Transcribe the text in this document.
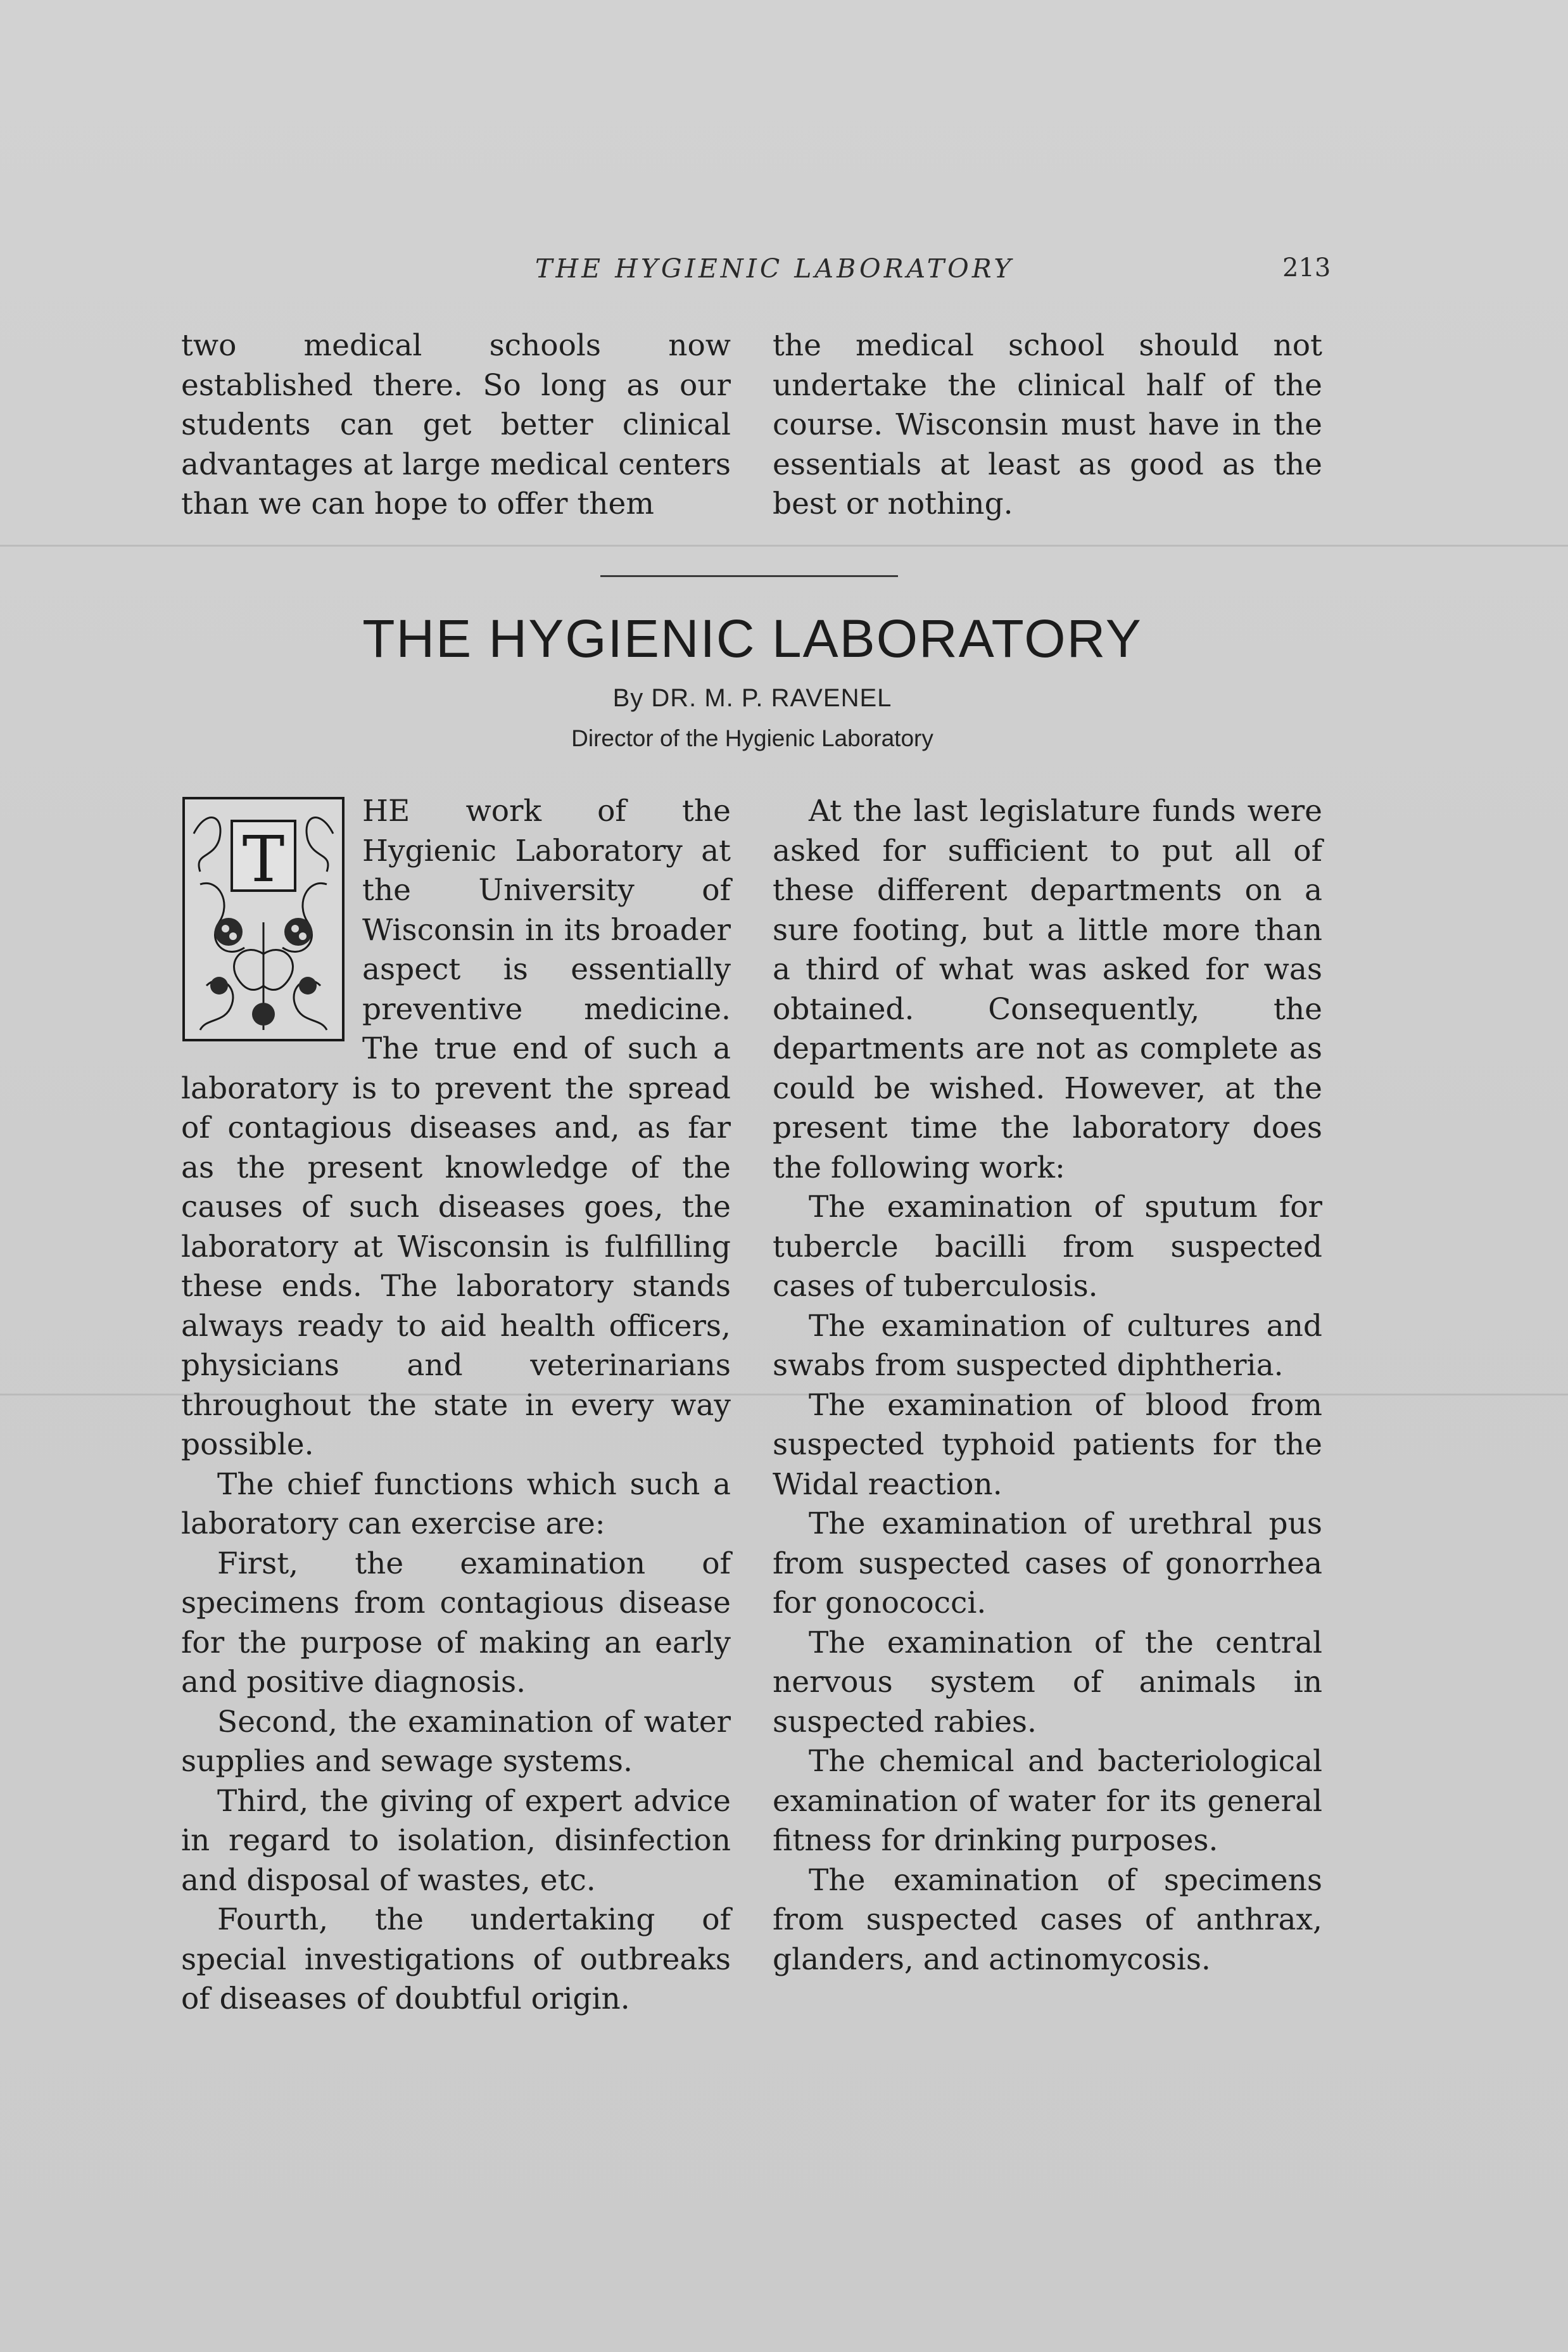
THE HYGIENIC LABORATORY	213

two medical schools now established there. So long as our students can get better clinical advantages at large medical centers than we can hope to offer them

the medical school should not undertake the clinical half of the course. Wisconsin must have in the essentials at least as good as the best or nothing.

THE HYGIENIC LABORATORY
By DR. M. P. RAVENEL
Director of the Hygienic Laboratory
T

HE work of the Hygienic Laboratory at the University of Wisconsin in its broader aspect is essentially preventive medicine. The true end of such a laboratory is to prevent the spread of contagious diseases and, as far as the present knowledge of the causes of such diseases goes, the laboratory at Wisconsin is fulfilling these ends. The laboratory stands always ready to aid health officers, physicians and veterinarians throughout the state in every way possible.

The chief functions which such a laboratory can exercise are:

First, the examination of specimens from contagious disease for the purpose of making an early and positive diagnosis.

Second, the examination of water supplies and sewage systems.

Third, the giving of expert advice in regard to isolation, disinfection and disposal of wastes, etc.

Fourth, the undertaking of special investigations of outbreaks of diseases of doubtful origin.

At the last legislature funds were asked for sufficient to put all of these different departments on a sure footing, but a little more than a third of what was asked for was obtained. Consequently, the departments are not as complete as could be wished. However, at the present time the laboratory does the following work:

The examination of sputum for tubercle bacilli from suspected cases of tuberculosis.

The examination of cultures and swabs from suspected diphtheria.

The examination of blood from suspected typhoid patients for the Widal reaction.

The examination of urethral pus from suspected cases of gonorrhea for gonococci.

The examination of the central nervous system of animals in suspected rabies.

The chemical and bacteriological examination of water for its general fitness for drinking purposes.

The examination of specimens from suspected cases of anthrax, glanders, and actinomycosis.
